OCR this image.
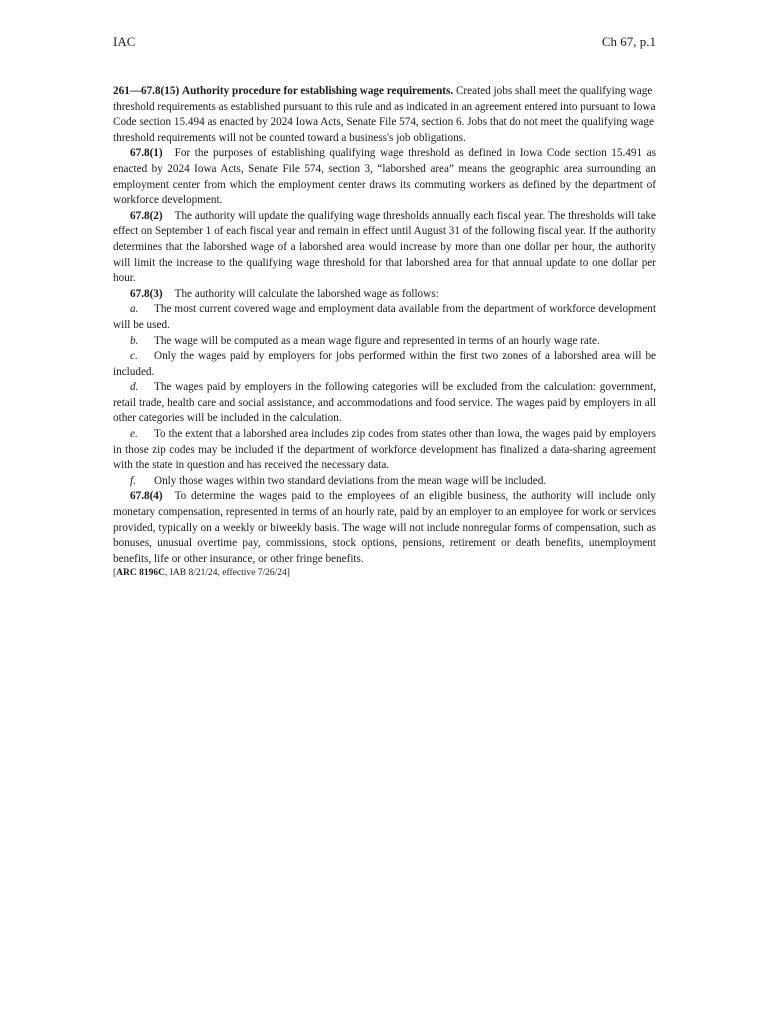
IAC	Ch 67, p.1

261—67.8(15) Authority procedure for establishing wage requirements. Created jobs shall meet the qualifying wage threshold requirements as established pursuant to this rule and as indicated in an agreement entered into pursuant to Iowa Code section 15.494 as enacted by 2024 Iowa Acts, Senate File 574, section 6. Jobs that do not meet the qualifying wage threshold requirements will not be counted toward a business's job obligations.

67.8(1) For the purposes of establishing qualifying wage threshold as defined in Iowa Code section 15.491 as enacted by 2024 Iowa Acts, Senate File 574, section 3, “laborshed area” means the geographic area surrounding an employment center from which the employment center draws its commuting workers as defined by the department of workforce development.

67.8(2) The authority will update the qualifying wage thresholds annually each fiscal year. The thresholds will take effect on September 1 of each fiscal year and remain in effect until August 31 of the following fiscal year. If the authority determines that the laborshed wage of a laborshed area would increase by more than one dollar per hour, the authority will limit the increase to the qualifying wage threshold for that laborshed area for that annual update to one dollar per hour.

67.8(3) The authority will calculate the laborshed wage as follows:

a. The most current covered wage and employment data available from the department of workforce development will be used.

b. The wage will be computed as a mean wage figure and represented in terms of an hourly wage rate.

c. Only the wages paid by employers for jobs performed within the first two zones of a laborshed area will be included.

d. The wages paid by employers in the following categories will be excluded from the calculation: government, retail trade, health care and social assistance, and accommodations and food service. The wages paid by employers in all other categories will be included in the calculation.

e. To the extent that a laborshed area includes zip codes from states other than Iowa, the wages paid by employers in those zip codes may be included if the department of workforce development has finalized a data-sharing agreement with the state in question and has received the necessary data.

f. Only those wages within two standard deviations from the mean wage will be included.

67.8(4) To determine the wages paid to the employees of an eligible business, the authority will include only monetary compensation, represented in terms of an hourly rate, paid by an employer to an employee for work or services provided, typically on a weekly or biweekly basis. The wage will not include nonregular forms of compensation, such as bonuses, unusual overtime pay, commissions, stock options, pensions, retirement or death benefits, unemployment benefits, life or other insurance, or other fringe benefits.

[ARC 8196C, IAB 8/21/24, effective 7/26/24]
